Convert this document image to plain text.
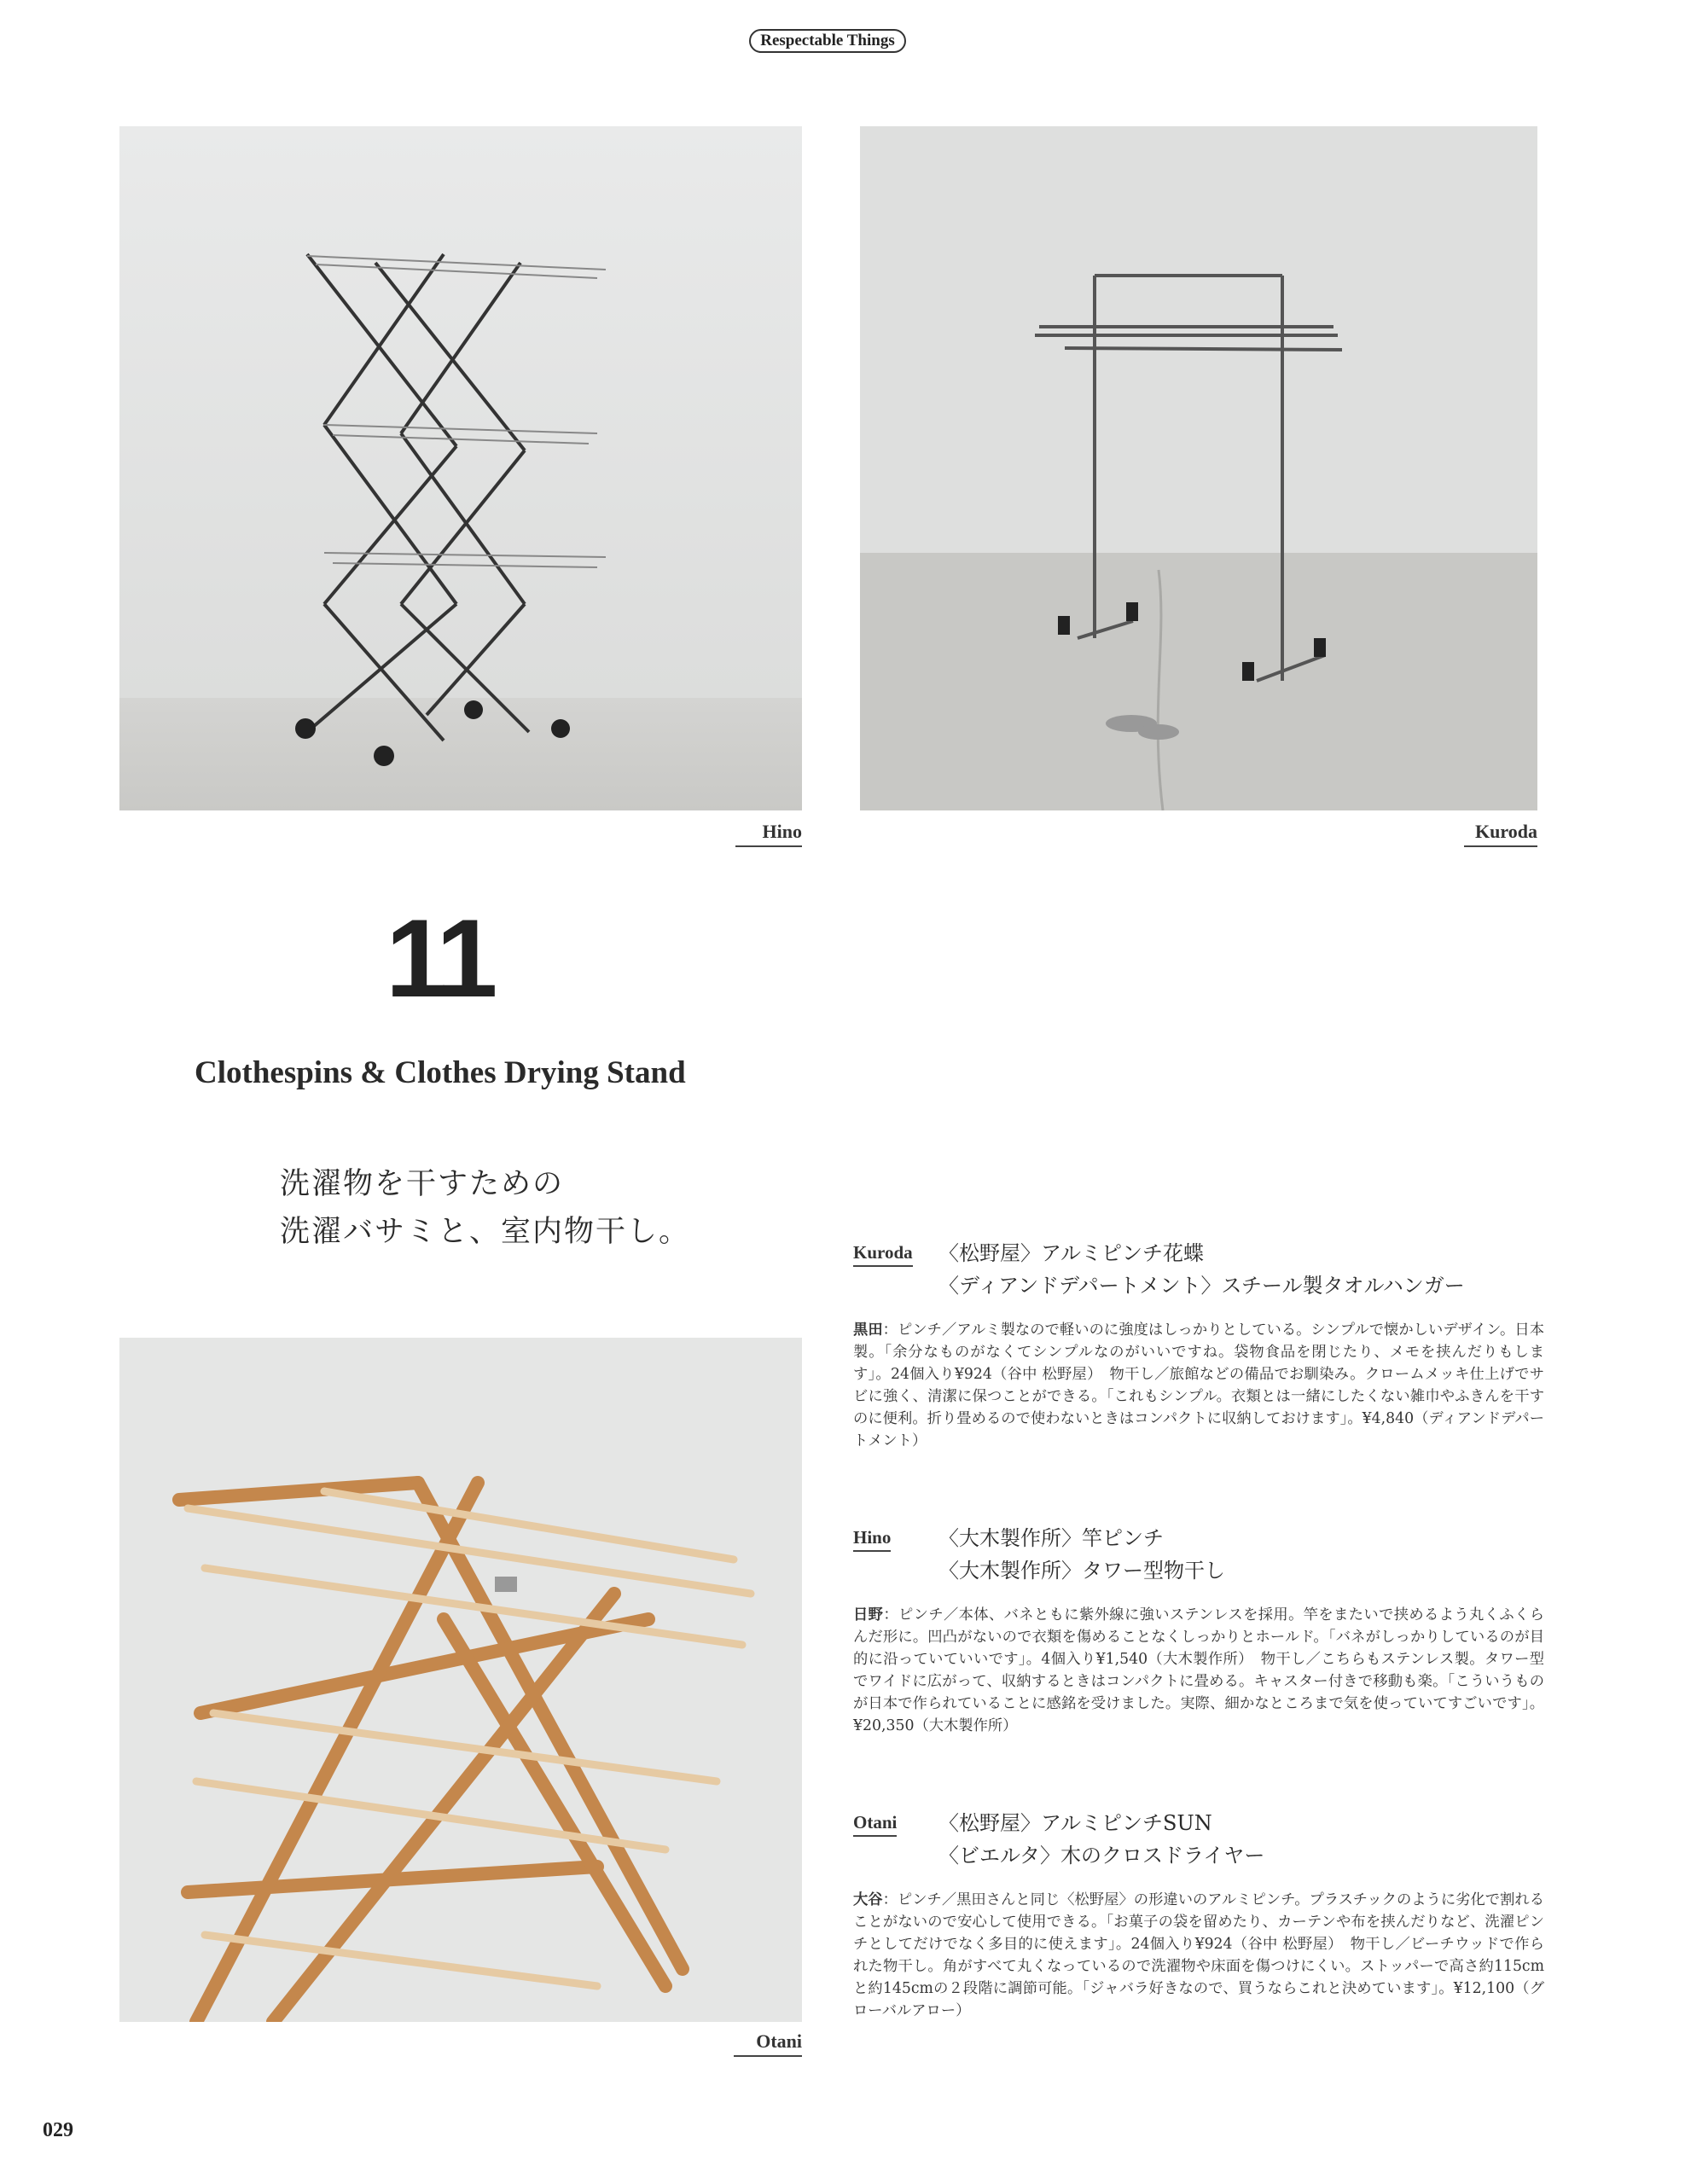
Respectable Things
Hino	Kuroda
11
Clothespins & Clothes Drying Stand
洗濯物を干すための
洗濯バサミと、室内物干し。
Otani
Kuroda 〈松野屋〉アルミピンチ花蝶
〈ディアンドデパートメント〉スチール製タオルハンガー
黒田：ピンチ／アルミ製なので軽いのに強度はしっかりとしている。シンプルで懐かしいデザイン。日本製。「余分なものがなくてシンプルなのがいいですね。袋物食品を閉じたり、メモを挟んだりもします」。24個入り¥924（谷中 松野屋）　物干し／旅館などの備品でお馴染み。クロームメッキ仕上げでサビに強く、清潔に保つことができる。「これもシンプル。衣類とは一緒にしたくない雑巾やふきんを干すのに便利。折り畳めるので使わないときはコンパクトに収納しておけます」。¥4,840（ディアンドデパートメント）
Hino 〈大木製作所〉竿ピンチ
〈大木製作所〉タワー型物干し
日野：ピンチ／本体、バネともに紫外線に強いステンレスを採用。竿をまたいで挟めるよう丸くふくらんだ形に。凹凸がないので衣類を傷めることなくしっかりとホールド。「バネがしっかりしているのが目的に沿っていていいです」。4個入り¥1,540（大木製作所）　物干し／こちらもステンレス製。タワー型でワイドに広がって、収納するときはコンパクトに畳める。キャスター付きで移動も楽。「こういうものが日本で作られていることに感銘を受けました。実際、細かなところまで気を使っていてすごいです」。¥20,350（大木製作所）
Otani 〈松野屋〉アルミピンチSUN
〈ビエルタ〉木のクロスドライヤー
大谷：ピンチ／黒田さんと同じ〈松野屋〉の形違いのアルミピンチ。プラスチックのように劣化で割れることがないので安心して使用できる。「お菓子の袋を留めたり、カーテンや布を挟んだりなど、洗濯ピンチとしてだけでなく多目的に使えます」。24個入り¥924（谷中 松野屋）　物干し／ビーチウッドで作られた物干し。角がすべて丸くなっているので洗濯物や床面を傷つけにくい。ストッパーで高さ約115cmと約145cmの２段階に調節可能。「ジャバラ好きなので、買うならこれと決めています」。¥12,100（グローバルアロー）
029
